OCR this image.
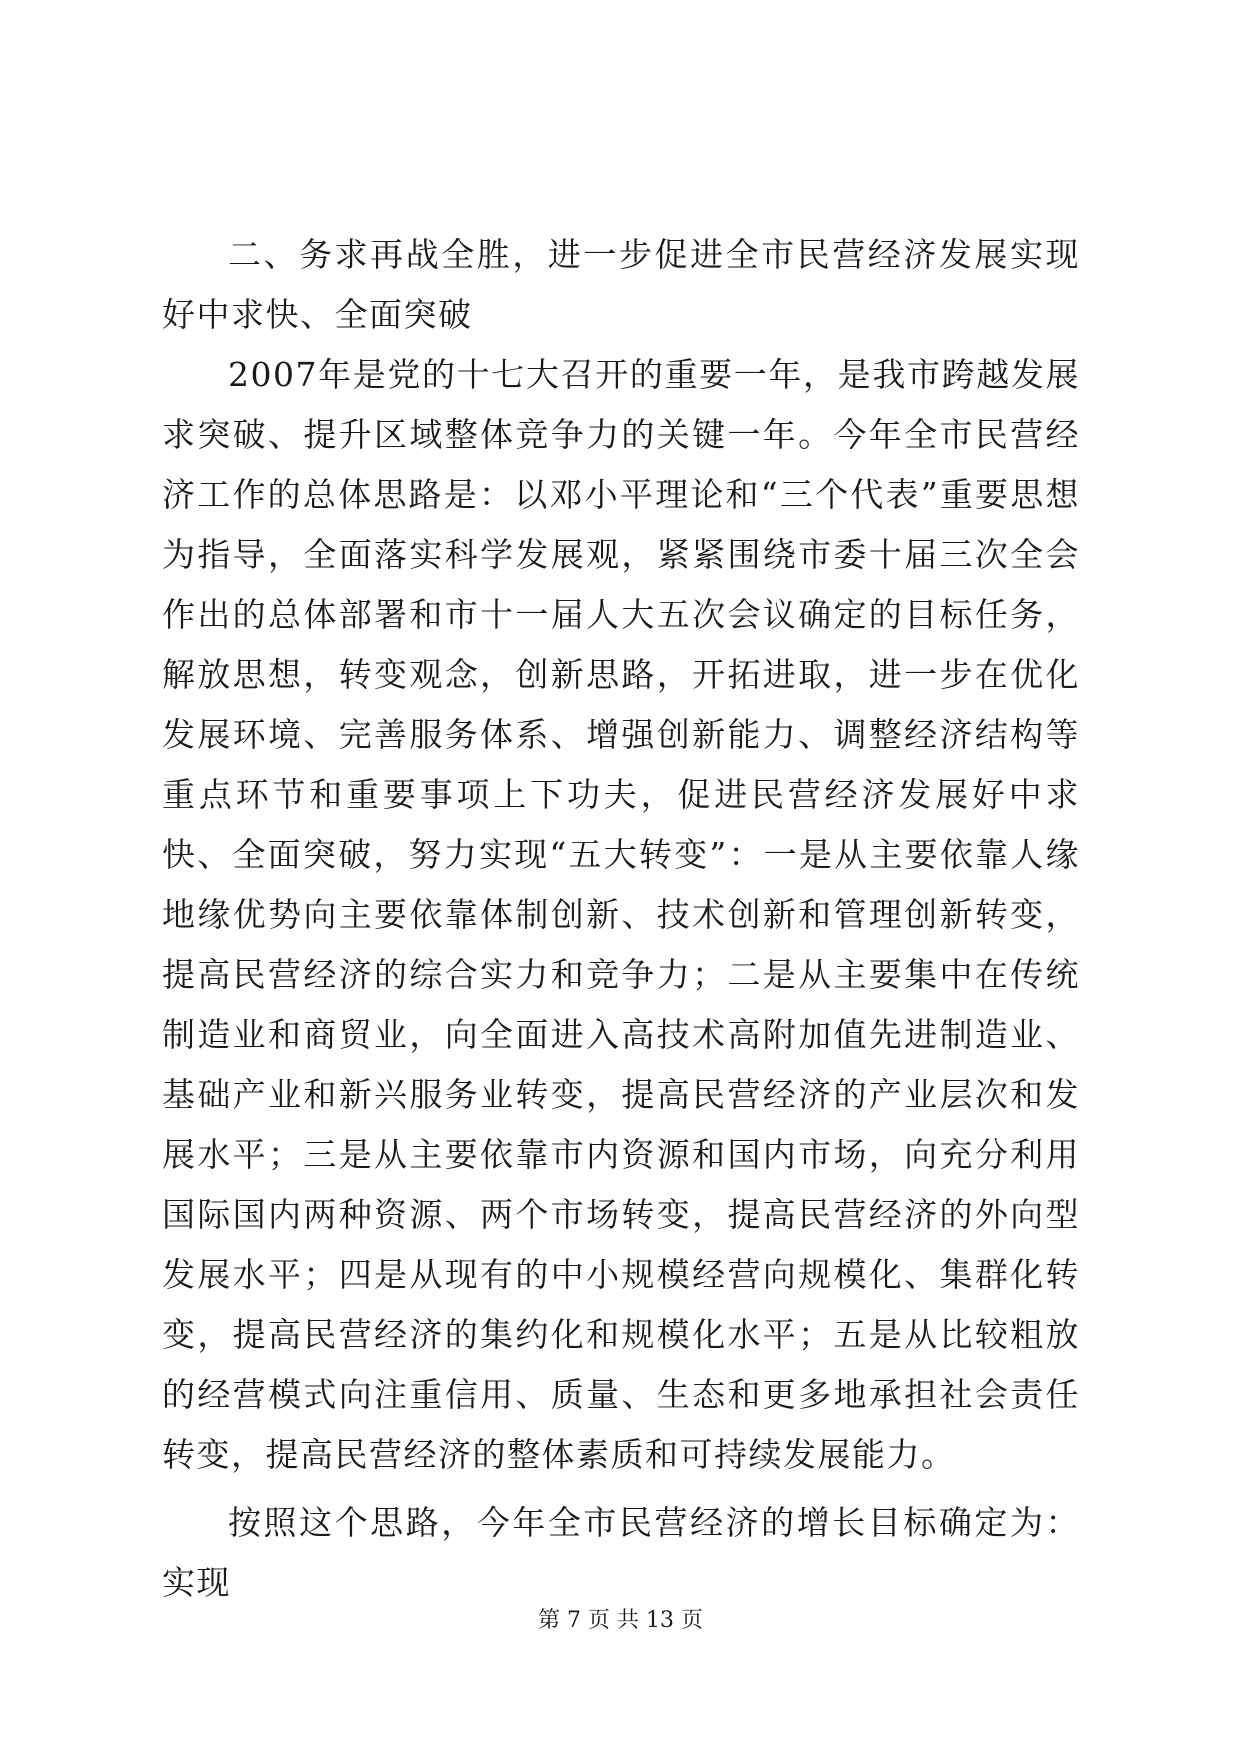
二、务求再战全胜，进一步促进全市民营经济发展实现好中求快、全面突破

2007年是党的十七大召开的重要一年，是我市跨越发展求突破、提升区域整体竞争力的关键一年。今年全市民营经济工作的总体思路是：以邓小平理论和“三个代表”重要思想为指导，全面落实科学发展观，紧紧围绕市委十届三次全会作出的总体部署和市十一届人大五次会议确定的目标任务，解放思想，转变观念，创新思路，开拓进取，进一步在优化发展环境、完善服务体系、增强创新能力、调整经济结构等重点环节和重要事项上下功夫，促进民营经济发展好中求快、全面突破，努力实现“五大转变”：一是从主要依靠人缘地缘优势向主要依靠体制创新、技术创新和管理创新转变，提高民营经济的综合实力和竞争力；二是从主要集中在传统制造业和商贸业，向全面进入高技术高附加值先进制造业、基础产业和新兴服务业转变，提高民营经济的产业层次和发展水平；三是从主要依靠市内资源和国内市场，向充分利用国际国内两种资源、两个市场转变，提高民营经济的外向型发展水平；四是从现有的中小规模经营向规模化、集群化转变，提高民营经济的集约化和规模化水平；五是从比较粗放的经营模式向注重信用、质量、生态和更多地承担社会责任转变，提高民营经济的整体素质和可持续发展能力。

按照这个思路，今年全市民营经济的增长目标确定为：实现

第 7 页 共 13 页
